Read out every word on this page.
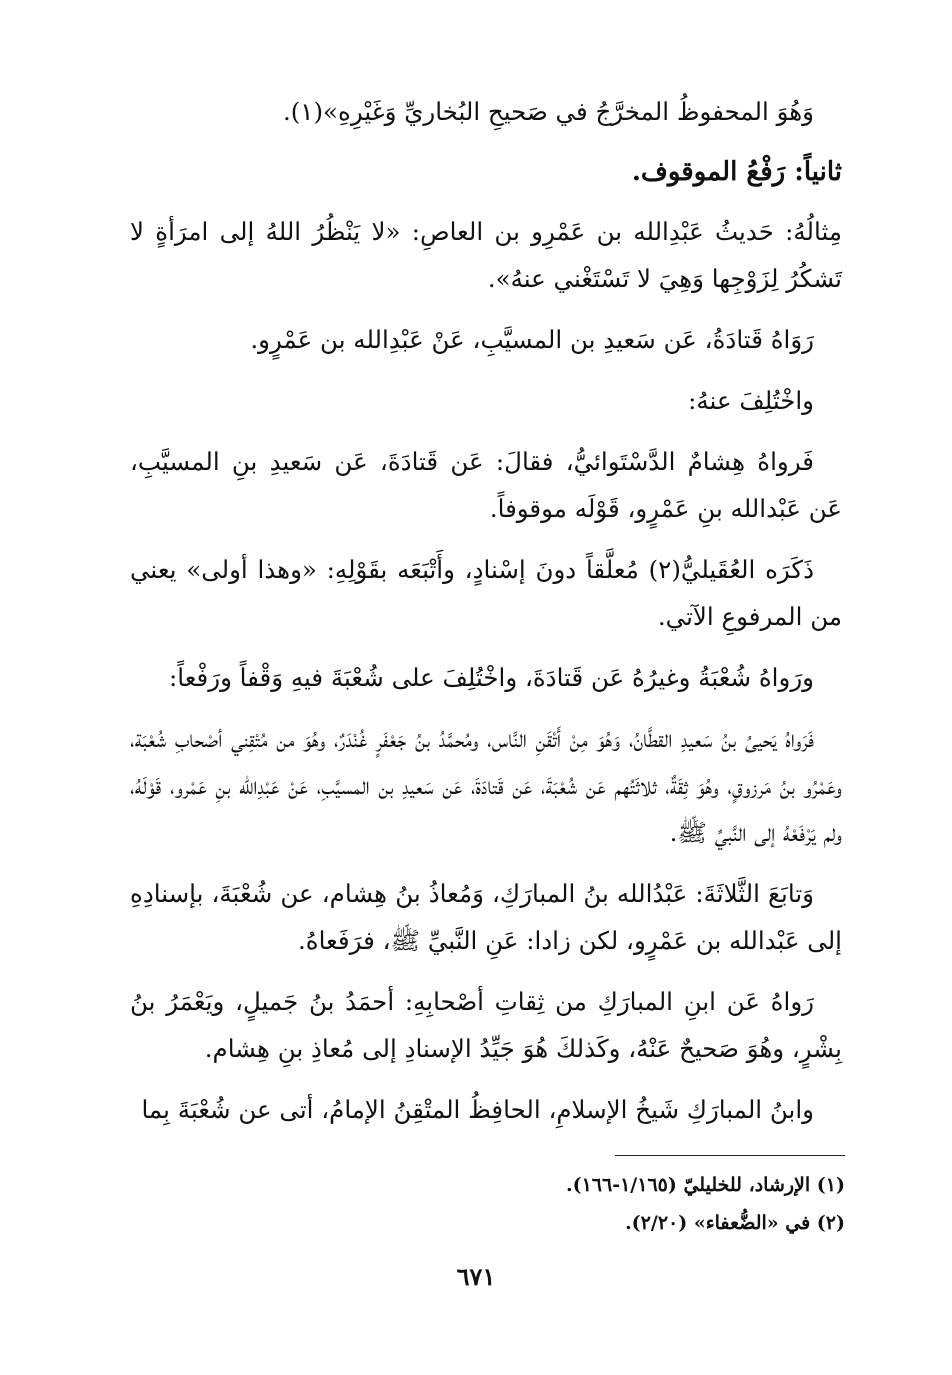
وَهُوَ المحفوظُ المخرَّجُ في صَحيحِ البُخاريِّ وَغَيْرِهِ»(١).

ثانياً: رَفْعُ الموقوف.

مِثالُهُ: حَديثُ عَبْدِالله بن عَمْرِو بن العاصِ: «لا يَنْظُرُ اللهُ إلى امرَأةٍ لا تَشكُرُ لِزَوْجِها وَهِيَ لا تَسْتَغْني عنهُ».

رَوَاهُ قَتادَةُ، عَن سَعيدِ بن المسيَّبِ، عَنْ عَبْدِالله بن عَمْرٍو.

واخْتُلِفَ عنهُ:

فَرواهُ هِشامٌ الدَّسْتَوائيُّ، فقالَ: عَن قَتادَةَ، عَن سَعيدِ بنِ المسيَّبِ، عَن عَبْدالله بنِ عَمْرٍو، قَوْلَه موقوفاً.

ذَكَرَه العُقَيليُّ(٢) مُعلَّقاً دونَ إسْنادٍ، وأَتْبَعَه بقَوْلِهِ: «وهذا أولى» يعني من المرفوعِ الآتي.

ورَواهُ شُعْبَةُ وغيرُهُ عَن قَتادَةَ، واخْتُلِفَ على شُعْبَةَ فيهِ وَقْفاً ورَفْعاً:

فَرَواهُ يَحيىُ بنُ سَعيدِ القطَّانُ، وَهُوَ مِنْ أَتْقَنِ النَّاس، ومُحمَّدُ بنُ جَعْفَرٍ غُنْدَرٌ، وهُوَ من مُتْقِني أصْحابِ شُعْبَة، وعَمْرُو بنُ مَرزوقٍ، وهُوَ ثِقَةٌ، ثلاثَتُهم عَن شُعْبَةَ، عَن قَتادَةَ، عَن سَعيدِ بن المسيَّبِ، عَنْ عَبْدِالله بنِ عَمْرو، قَوْلَهُ، ولم يَرْفَعْهُ إلى النَّبيِّ ﷺ.

وَتابَعَ الثَّلاثَةَ: عَبْدُالله بنُ المبارَكِ، وَمُعاذُ بنُ هِشام، عن شُعْبَةَ، بإسنادِهِ إلى عَبْدالله بن عَمْرٍو، لكن زادا: عَنِ النَّبيِّ ﷺ، فرَفَعاهُ.

رَواهُ عَن ابنِ المبارَكِ من ثِقاتِ أصْحابِهِ: أحمَدُ بنُ جَميلٍ، ويَعْمَرُ بنُ بِشْرٍ، وهُوَ صَحيحٌ عَنْهُ، وكَذلكَ هُوَ جَيِّدُ الإسنادِ إلى مُعاذِ بنِ هِشام.

وابنُ المبارَكِ شَيخُ الإسلامِ، الحافِظُ المتْقِنُ الإمامُ، أتى عن شُعْبَةَ بِما

(١) الإرشاد، للخليليّ (١/١٦٥-١٦٦).
(٢) في «الضُّعفاء» (٢/٢٠).
٦٧١
